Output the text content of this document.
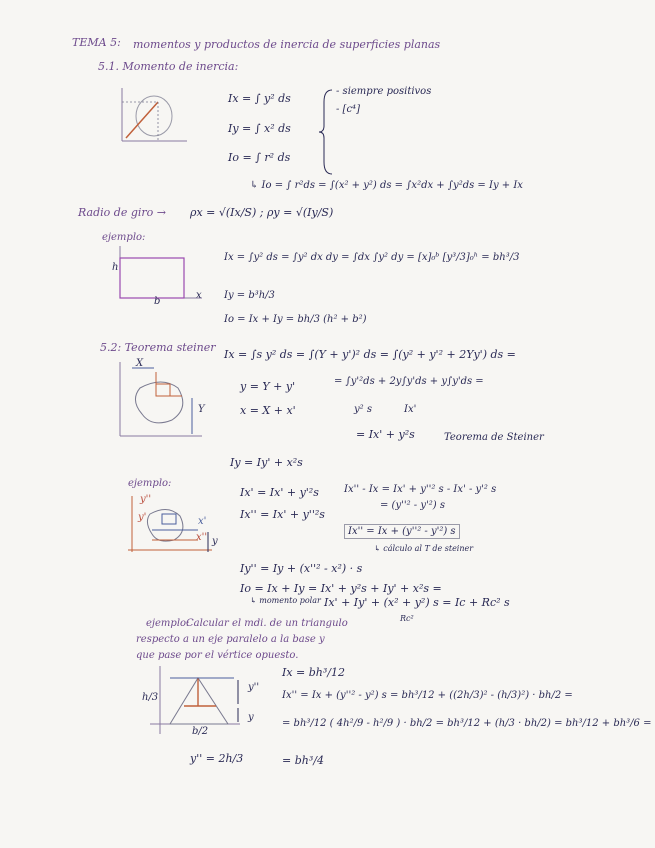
TEMA 5: momentos y productos de inercia de superficies planas
5.1. Momento de inercia:
Ix = ∫ y² ds
Iy = ∫ x² ds
Io = ∫ r² ds
- siempre positivos
- [c⁴]
↳ Io = ∫ r²ds = ∫(x² + y²) ds = ∫x²dx + ∫y²ds = Iy + Ix
Radio de giro → ρx = √(Ix/S) ; ρy = √(Iy/S)
ejemplo:
h
b
x
Ix = ∫y² ds = ∫y² dx dy = ∫dx ∫y² dy = [x]₀ᵇ [y³/3]₀ʰ = bh³/3
Iy = b³h/3
Io = Ix + Iy = bh/3 (h² + b²)
5.2: Teorema steiner
X
Y
Ix = ∫s y² ds = ∫(Y + y')² ds = ∫(y² + y'² + 2Yy') ds =
y = Y + y'
x = X + x'
= ∫y'²ds + 2y∫y'ds + y∫y'ds =
y² s	Ix'
= Ix' + y²s	Teorema de Steiner
Iy = Iy' + x²s
ejemplo:
y''
y'	x'
x'' y
Ix' = Ix' + y'²s
Ix'' = Ix' + y''²s
Ix'' - Ix = Ix' + y''² s - Ix' - y'² s
= (y''² - y'²) s
Ix'' = Ix + (y''² - y'²) s
↳ cálculo al T de steiner
Iy'' = Iy + (x''² - x²) · s
Io = Ix + Iy = Ix' + y²s + Iy' + x²s =
↳ momento polar Ix' + Iy' + (x² + y²) s = Ic + Rc² s
Rc²
ejemplo:
Calcular el mdi. de un triangulo
respecto a un eje paralelo a la base y
que pase por el vértice opuesto.
h/3
b/2
y''
y
y'' = 2h/3
Ix = bh³/12
Ix'' = Ix + (y''² - y²) s = bh³/12 + ((2h/3)² - (h/3)²) · bh/2 =
= bh³/12 ( 4h²/9 - h²/9 ) · bh/2 = bh³/12 + (h/3 · bh/2) = bh³/12 + bh³/6 =
= bh³/4
